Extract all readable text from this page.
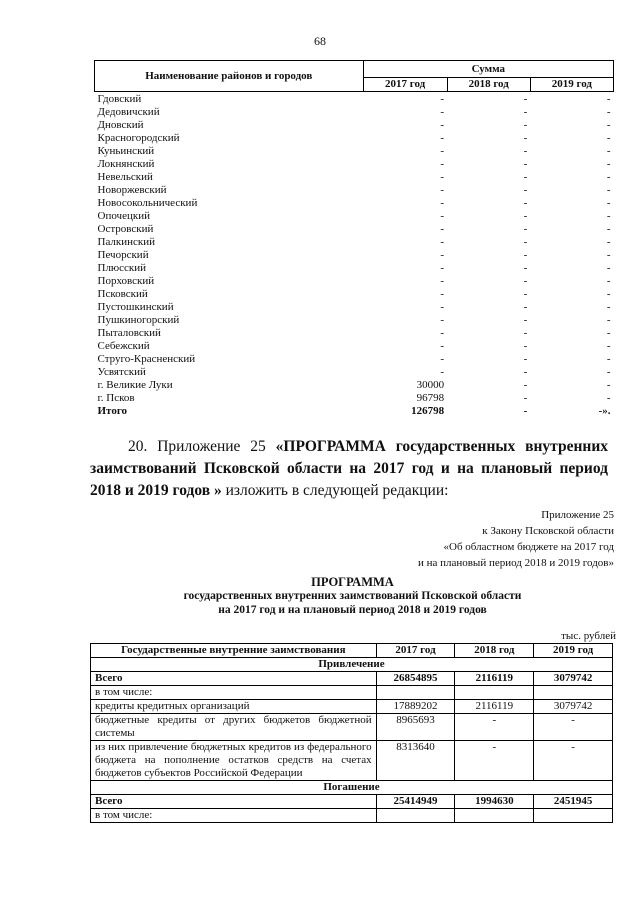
68
Наименование районов и городов	Сумма		
	2017 год	2018 год	2019 год
Гдовский	-	-	-
Дедовичский	-	-	-
Дновский	-	-	-
Красногородский	-	-	-
Куньинский	-	-	-
Локнянский	-	-	-
Невельский	-	-	-
Новоржевский	-	-	-
Новосокольнический	-	-	-
Опочецкий	-	-	-
Островский	-	-	-
Палкинский	-	-	-
Печорский	-	-	-
Плюсский	-	-	-
Порховский	-	-	-
Псковский	-	-	-
Пустошкинский	-	-	-
Пушкиногорский	-	-	-
Пыталовский	-	-	-
Себежский	-	-	-
Струго-Красненский	-	-	-
Усвятский	-	-	-
г. Великие Луки	30000	-	-
г. Псков	96798	-	-
Итого	126798	-	-».
20. Приложение 25 «ПРОГРАММА государственных внутренних заимствований Псковской области на 2017 год и на плановый период 2018 и 2019 годов » изложить в следующей редакции:
Приложение 25
к Закону Псковской области
«Об областном бюджете на 2017 год
и на плановый период 2018 и 2019 годов»
ПРОГРАММА
государственных внутренних заимствований Псковской области
на 2017 год и на плановый период 2018 и 2019 годов
тыс. рублей
Государственные внутренние заимствования	2017 год	2018 год	2019 год
Привлечение			
Всего	26854895	2116119	3079742
в том числе:			
кредиты кредитных организаций	17889202	2116119	3079742
бюджетные кредиты от других бюджетов бюджетной системы	8965693	-	-
из них привлечение бюджетных кредитов из федерального бюджета на пополнение остатков средств на счетах бюджетов субъектов Российской Федерации	8313640	-	-
Погашение			
Всего	25414949	1994630	2451945
в том числе:			
